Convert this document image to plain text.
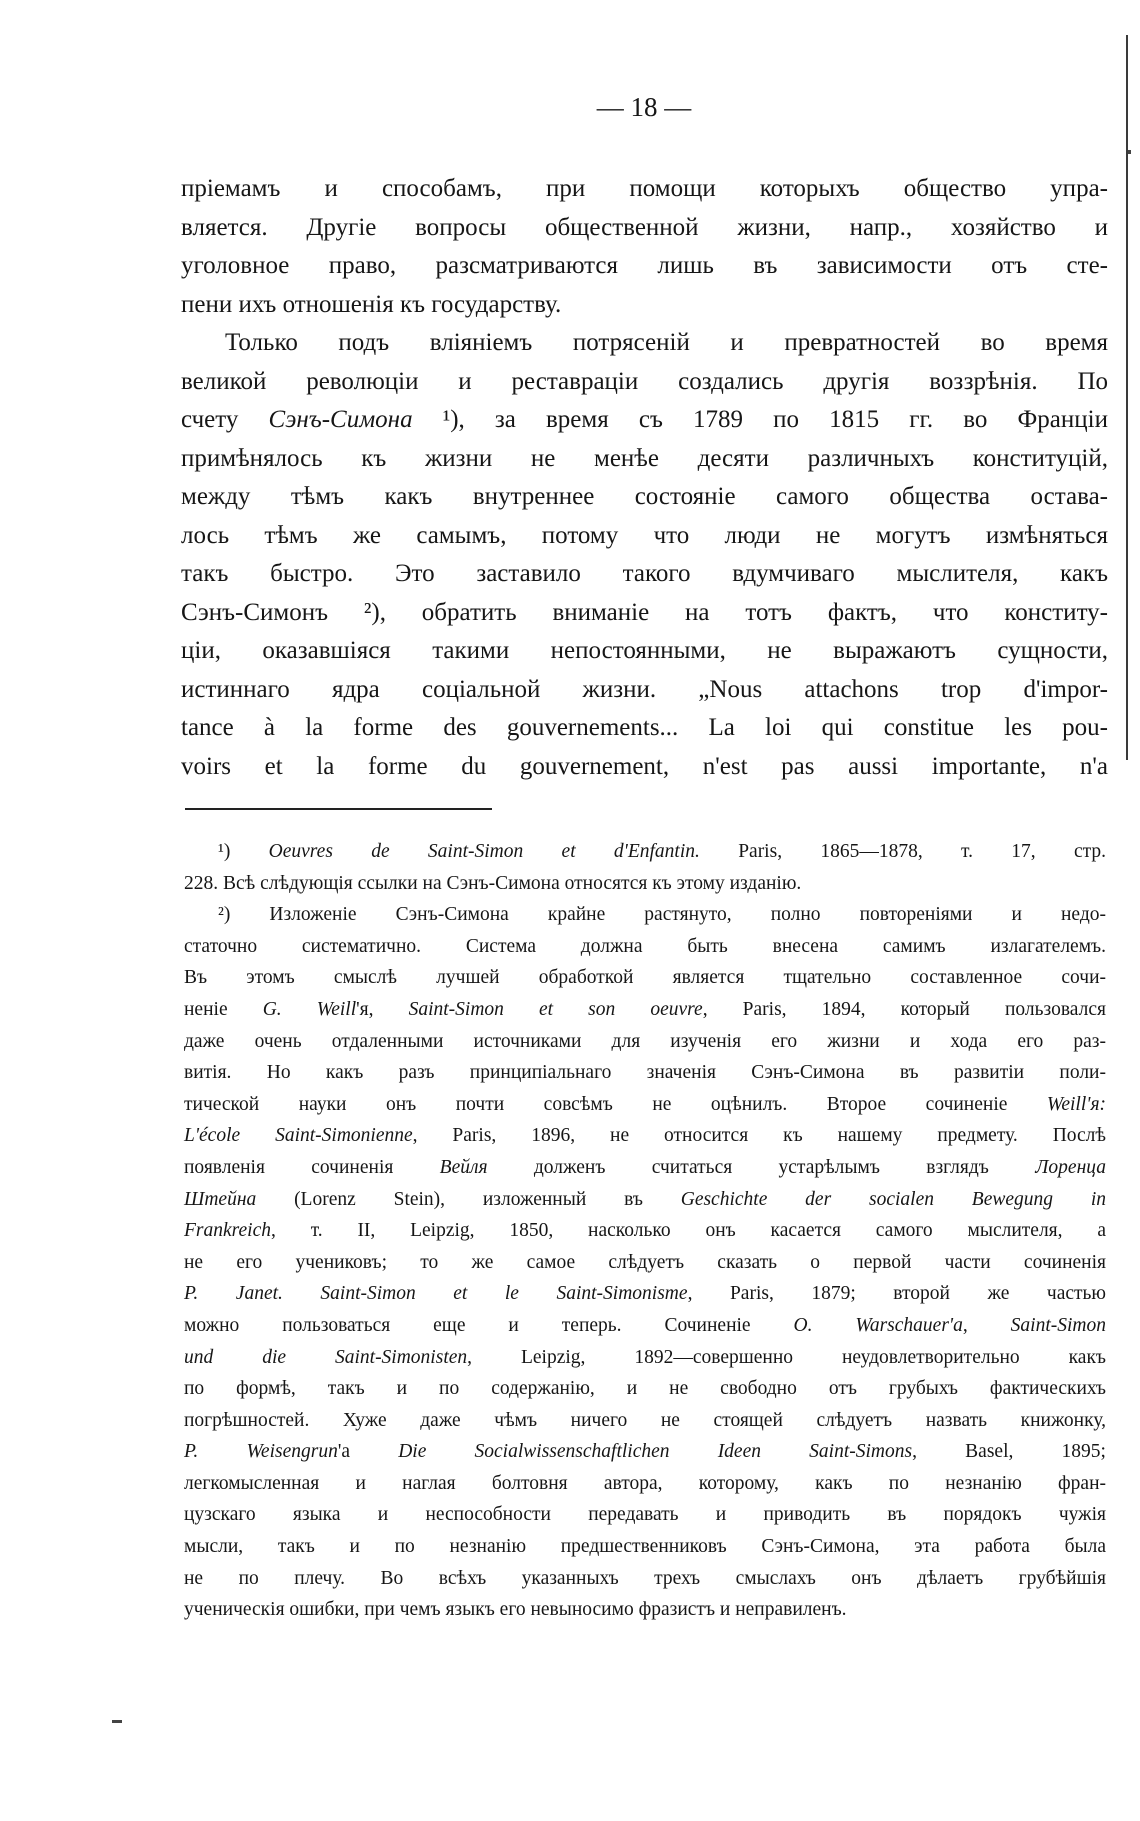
— 18 —
пріемамъ и способамъ, при помощи которыхъ общество упра-
вляется. Другіе вопросы общественной жизни, напр., хозяйство и
уголовное право, разсматриваются лишь въ зависимости отъ сте-
пени ихъ отношенія къ государству.
Только подъ вліяніемъ потрясеній и превратностей во время
великой революціи и реставраціи создались другія воззрѣнія. По
счету Сэнъ-Симона ¹), за время съ 1789 по 1815 гг. во Франціи
примѣнялось къ жизни не менѣе десяти различныхъ конституцій,
между тѣмъ какъ внутреннее состояніе самого общества остава-
лось тѣмъ же самымъ, потому что люди не могутъ измѣняться
такъ быстро. Это заставило такого вдумчиваго мыслителя, какъ
Сэнъ-Симонъ ²), обратить вниманіе на тотъ фактъ, что конститу-
ціи, оказавшіяся такими непостоянными, не выражаютъ сущности,
истиннаго ядра соціальной жизни. „Nous attachons trop d'impor-
tance à la forme des gouvernements... La loi qui constitue les pou-
voirs et la forme du gouvernement, n'est pas aussi importante, n'a
¹) Oeuvres de Saint-Simon et d'Enfantin. Paris, 1865—1878, т. 17, стр.
228. Всѣ слѣдующія ссылки на Сэнъ-Симона относятся къ этому изданію.
²) Изложеніе Сэнъ-Симона крайне растянуто, полно повтореніями и недо-
статочно систематично. Система должна быть внесена самимъ излагателемъ.
Въ этомъ смыслѣ лучшей обработкой является тщательно составленное сочи-
неніе G. Weill'я, Saint-Simon et son oeuvre, Paris, 1894, который пользовался
даже очень отдаленными источниками для изученія его жизни и хода его раз-
витія. Но какъ разъ принципіальнаго значенія Сэнъ-Симона въ развитіи поли-
тической науки онъ почти совсѣмъ не оцѣнилъ. Второе сочиненіе Weill'я:
L'école Saint-Simonienne, Paris, 1896, не относится къ нашему предмету. Послѣ
появленія сочиненія Вейля долженъ считаться устарѣлымъ взглядъ Лоренца
Штейна (Lorenz Stein), изложенный въ Geschichte der socialen Bewegung in
Frankreich, т. II, Leipzig, 1850, насколько онъ касается самого мыслителя, а
не его учениковъ; то же самое слѣдуетъ сказать о первой части сочиненія
P. Janet. Saint-Simon et le Saint-Simonisme, Paris, 1879; второй же частью
можно пользоваться еще и теперь. Сочиненіе O. Warschauer'a, Saint-Simon
und die Saint-Simonisten, Leipzig, 1892—совершенно неудовлетворительно какъ
по формѣ, такъ и по содержанію, и не свободно отъ грубыхъ фактическихъ
погрѣшностей. Хуже даже чѣмъ ничего не стоящей слѣдуетъ назвать книжонку,
P. Weisengrun'a Die Socialwissenschaftlichen Ideen Saint-Simons, Basel, 1895;
легкомысленная и наглая болтовня автора, которому, какъ по незнанію фран-
цузскаго языка и неспособности передавать и приводить въ порядокъ чужія
мысли, такъ и по незнанію предшественниковъ Сэнъ-Симона, эта работа была
не по плечу. Во всѣхъ указанныхъ трехъ смыслахъ онъ дѣлаетъ грубѣйшія
ученическія ошибки, при чемъ языкъ его невыносимо фразистъ и неправиленъ.
